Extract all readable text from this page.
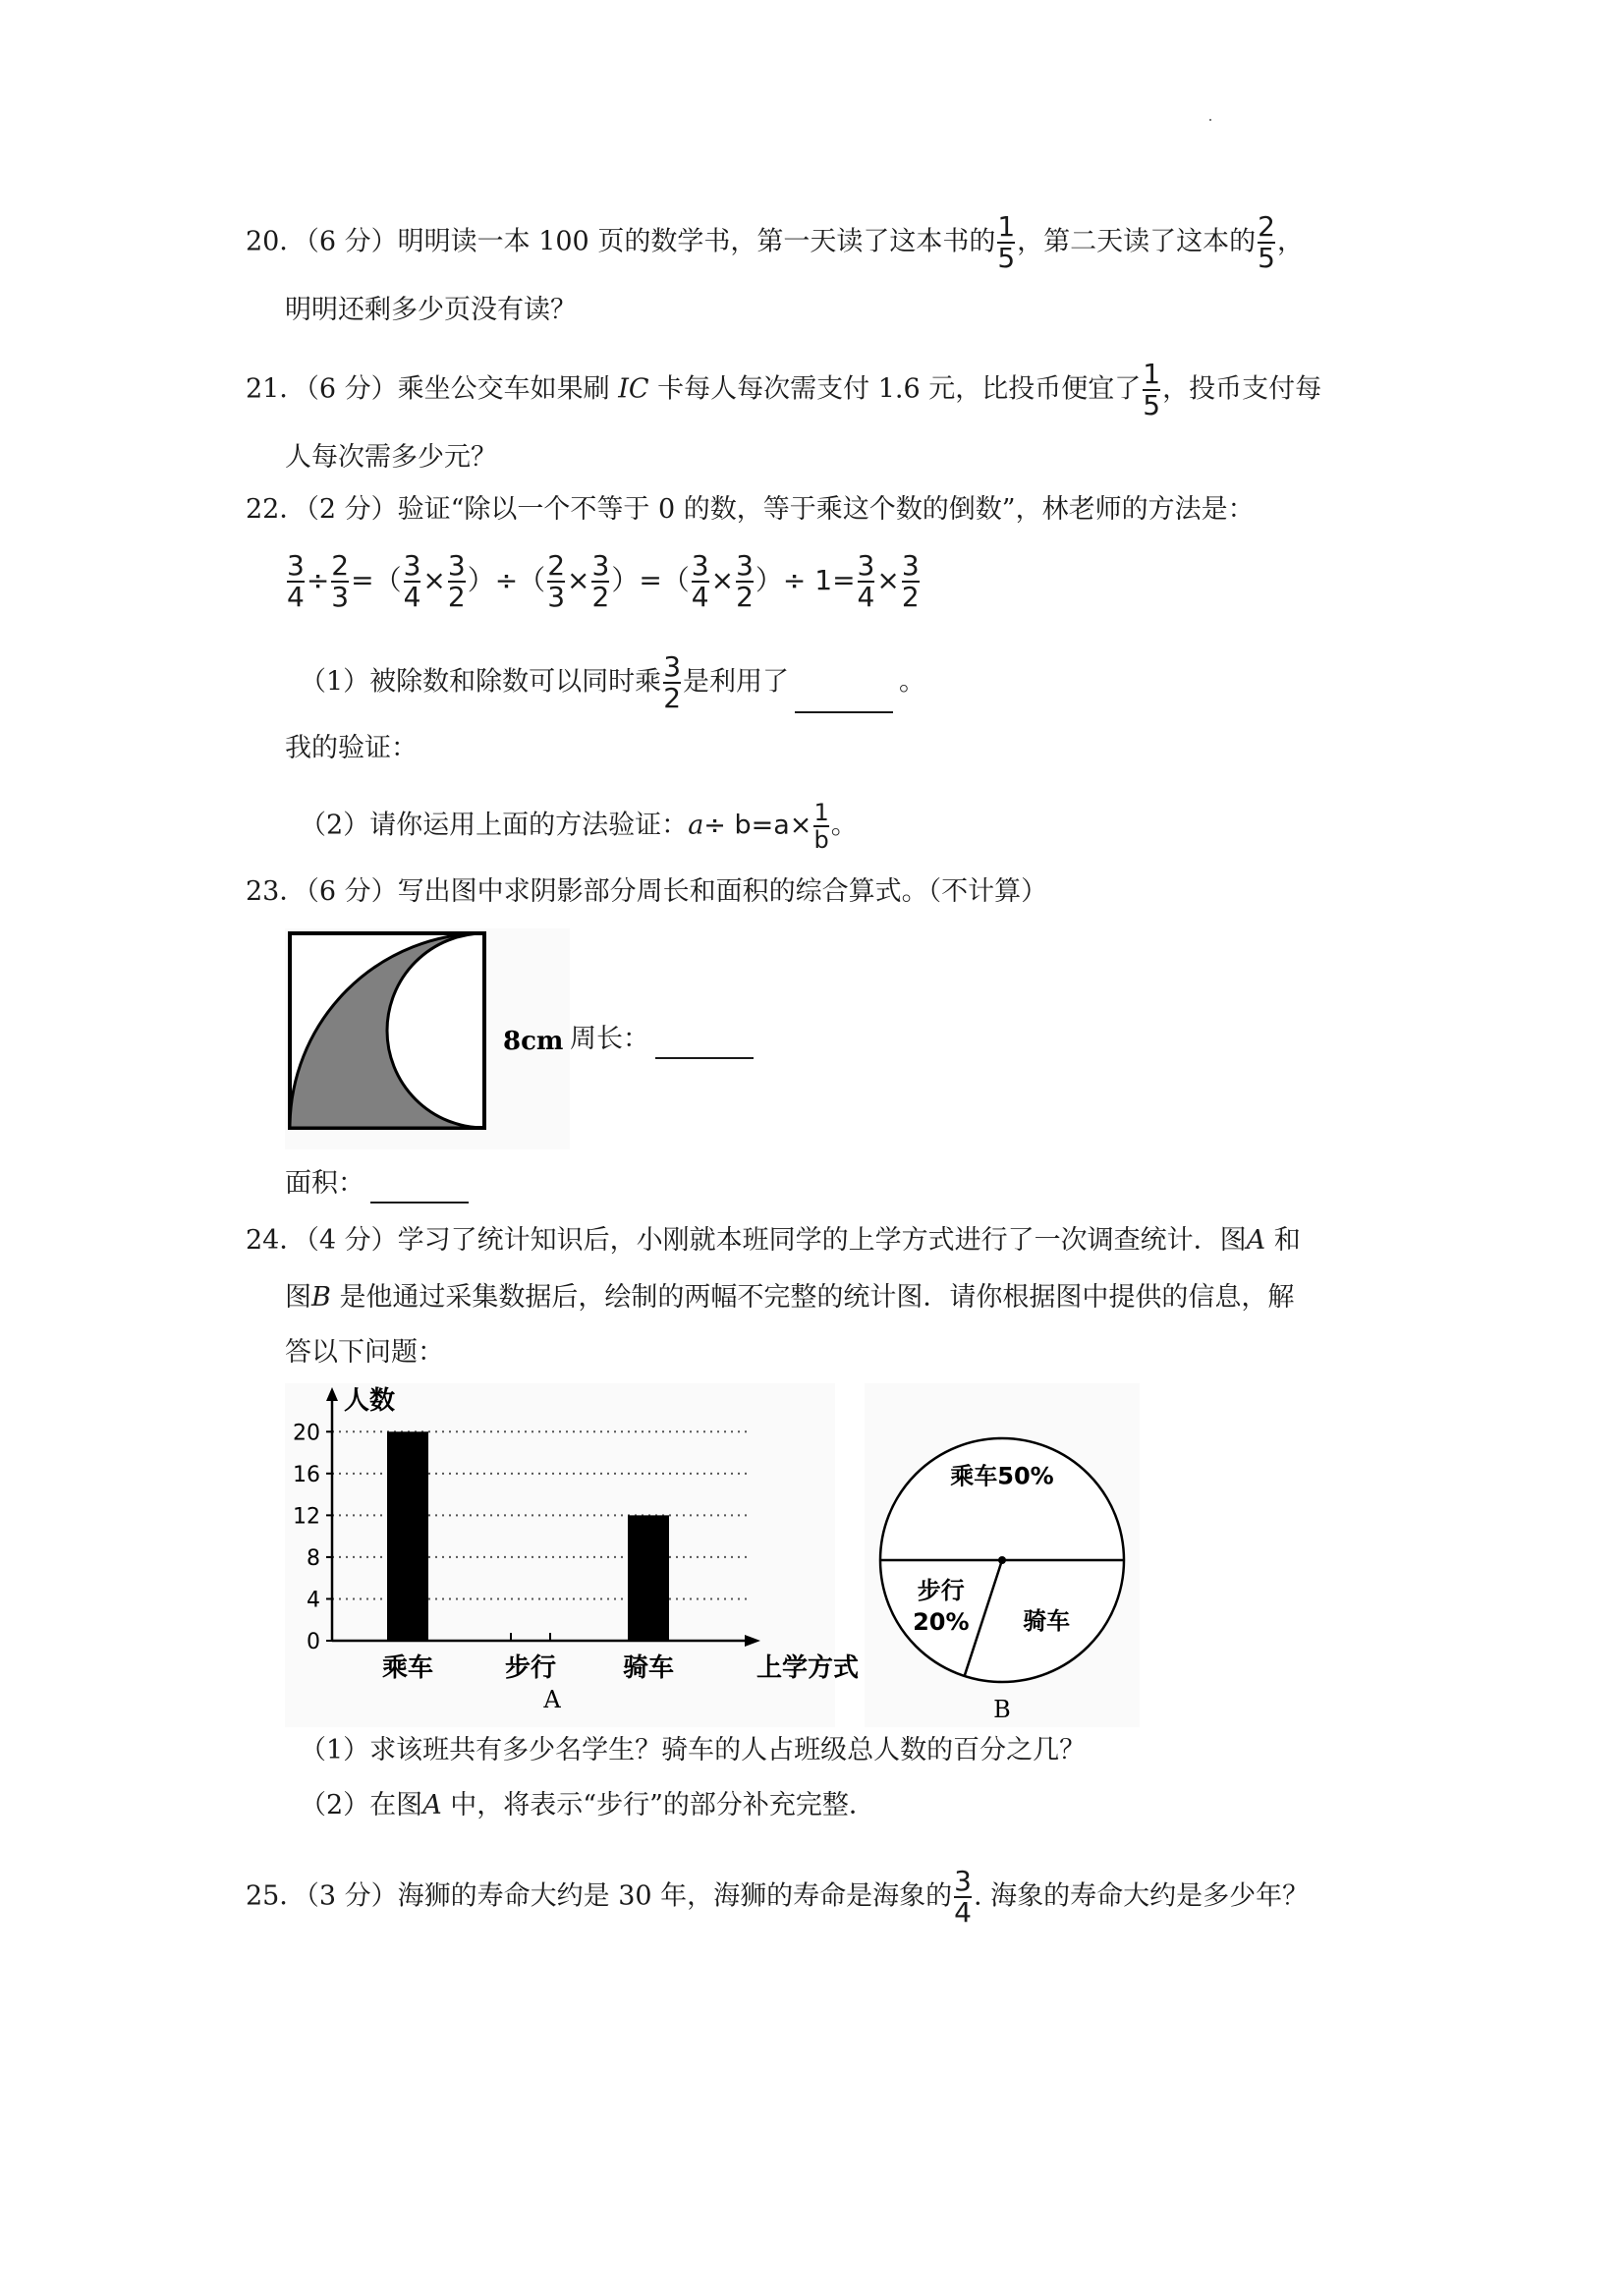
20．（6 分）明明读一本 100 页的数学书，第一天读了这本书的 $\frac{1}{5}$ ，第二天读了这本的 $\frac{2}{5}$ ，
明明还剩多少页没有读？
21．（6 分）乘坐公交车如果刷 IC 卡每人每次需支付 1.6 元，比投币便宜了 $\frac{1}{5}$ ，投币支付每
人每次需多少元？
22．（2 分）验证“除以一个不等于 0 的数，等于乘这个数的倒数”，林老师的方法是：
$\frac{3}{4} \div \frac{2}{3}$ =（ $\frac{3}{4} \times \frac{3}{2}$ ）÷（ $\frac{2}{3} \times \frac{3}{2}$ ）=（ $\frac{3}{4} \times \frac{3}{2}$ ）÷ $1= \frac{3}{4} \times \frac{3}{2}$
（1）被除数和除数可以同时乘 $\frac{3}{2}$ 是利用了	。
我的验证：
（2）请你运用上面的方法验证：$a\div b=a\times \frac{1}{b}$ 。
23．（6 分）写出图中求阴影部分周长和面积的综合算式。（不计算）
8cm 周长：
面积：
24．（4 分）学习了统计知识后，小刚就本班同学的上学方式进行了一次调查统计．图A 和
图B 是他通过采集数据后，绘制的两幅不完整的统计图．请你根据图中提供的信息，解
答以下问题：
0
4
8
12
16
20
人数
上学方式
乘车	步行	骑车
A
乘车50%
骑车
步行
20%
B
（1）求该班共有多少名学生？骑车的人占班级总人数的百分之几？
（2）在图A 中，将表示“步行”的部分补充完整．
25．（3 分）海狮的寿命大约是 30 年，海狮的寿命是海象的 $\frac{3}{4}$ . 海象的寿命大约是多少年？
